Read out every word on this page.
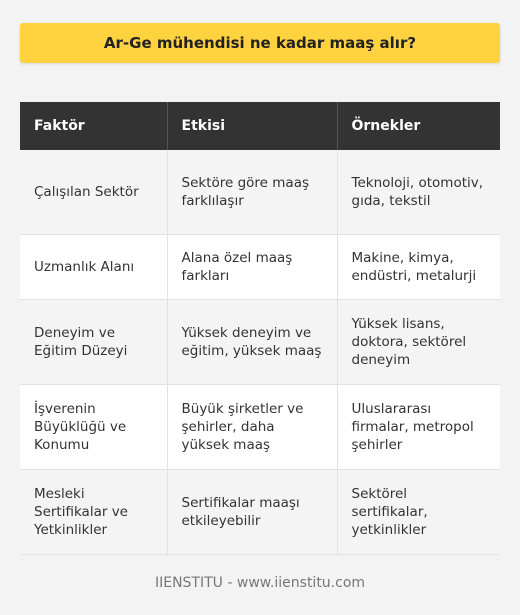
Ar-Ge mühendisi ne kadar maaş alır?
Faktör	Etkisi	Örnekler
Çalışılan Sektör	Sektöre göre maaş farklılaşır	Teknoloji, otomotiv, gıda, tekstil
Uzmanlık Alanı	Alana özel maaş farkları	Makine, kimya, endüstri, metalurji
Deneyim ve Eğitim Düzeyi	Yüksek deneyim ve eğitim, yüksek maaş	Yüksek lisans, doktora, sektörel deneyim
İşverenin Büyüklüğü ve Konumu	Büyük şirketler ve şehirler, daha yüksek maaş	Uluslararası firmalar, metropol şehirler
Mesleki Sertifikalar ve Yetkinlikler	Sertifikalar maaşı etkileyebilir	Sektörel sertifikalar, yetkinlikler
IIENSTITU - www.iienstitu.com
